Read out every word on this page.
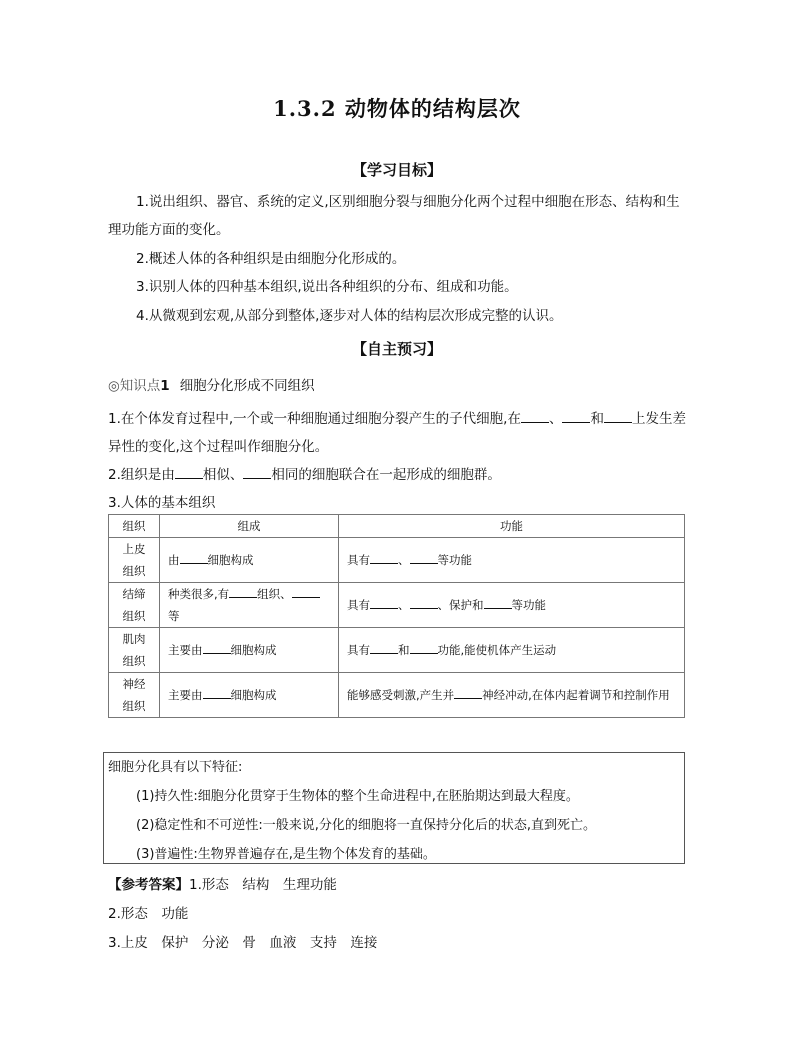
1.3.2 动物体的结构层次
【学习目标】
1.说出组织、器官、系统的定义,区别细胞分裂与细胞分化两个过程中细胞在形态、结构和生理功能方面的变化。
2.概述人体的各种组织是由细胞分化形成的。
3.识别人体的四种基本组织,说出各种组织的分布、组成和功能。
4.从微观到宏观,从部分到整体,逐步对人体的结构层次形成完整的认识。
【自主预习】
◎知识点1 细胞分化形成不同组织
1.在个体发育过程中,一个或一种细胞通过细胞分裂产生的子代细胞,在 、 和 上发生差异性的变化,这个过程叫作细胞分化。
2.组织是由 相似、 相同的细胞联合在一起形成的细胞群。
3.人体的基本组织
组织	组成	功能
上皮组织	由 细胞构成	具有 、 等功能
结缔组织	种类很多,有 组织、等	具有 、 、保护和 等功能
肌肉组织	主要由 细胞构成	具有 和 功能,能使机体产生运动
神经组织	主要由 细胞构成	能够感受刺激,产生并 神经冲动,在体内起着调节和控制作用
细胞分化具有以下特征:
(1)持久性:细胞分化贯穿于生物体的整个生命进程中,在胚胎期达到最大程度。
(2)稳定性和不可逆性:一般来说,分化的细胞将一直保持分化后的状态,直到死亡。
(3)普遍性:生物界普遍存在,是生物个体发育的基础。
【参考答案】1.形态　结构　生理功能
2.形态　功能
3.上皮　保护　分泌　骨　血液　支持　连接
